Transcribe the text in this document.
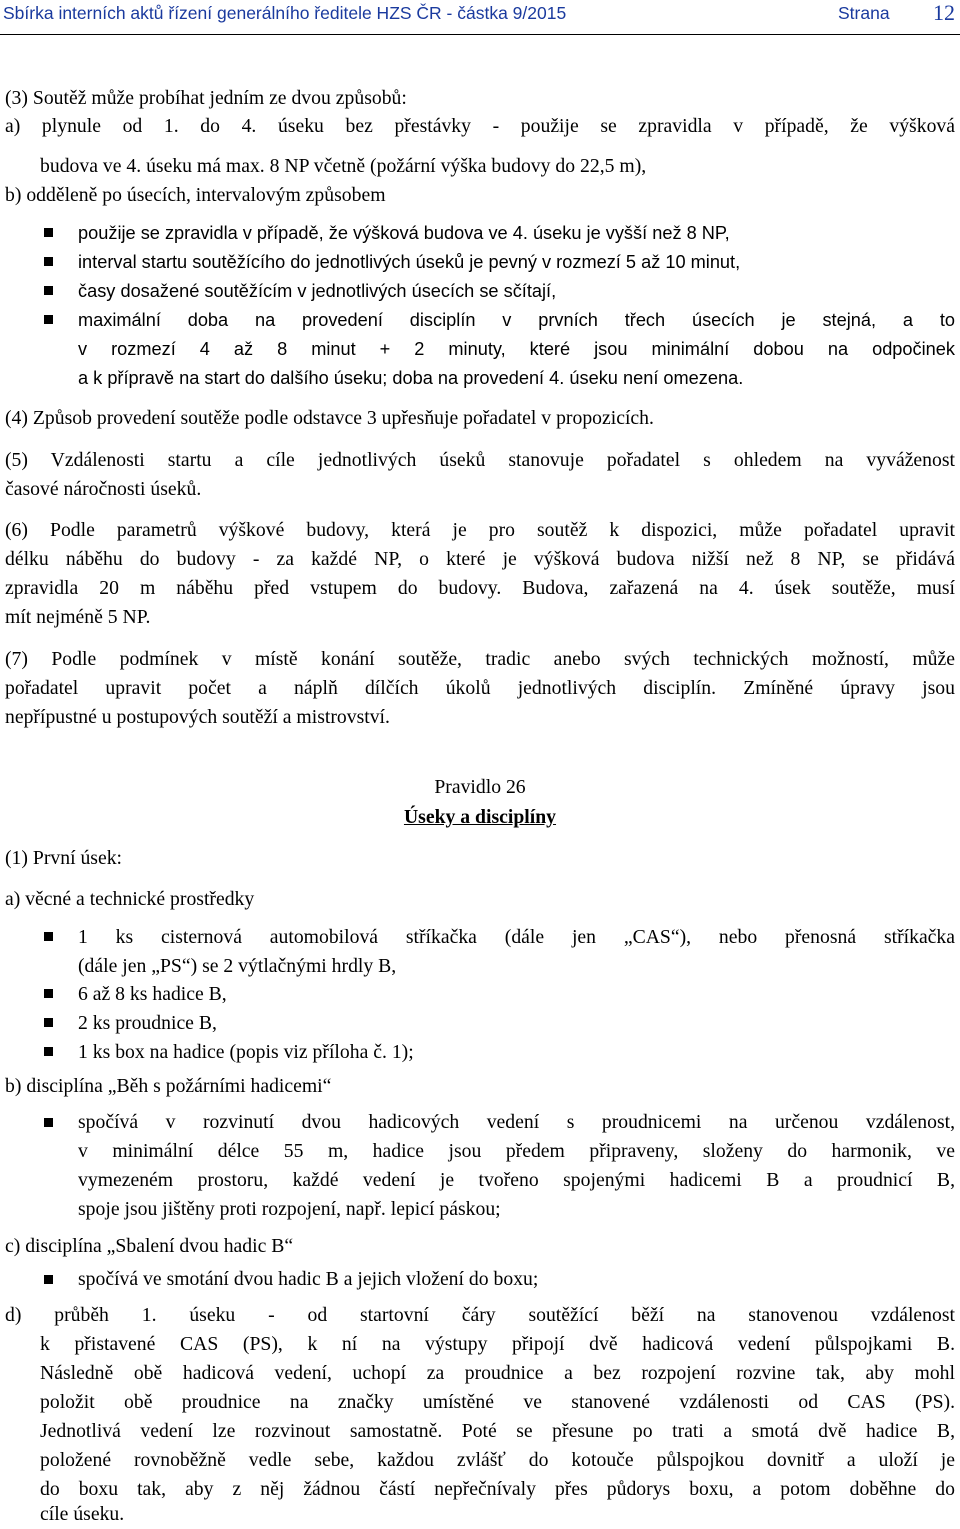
Sbírka interních aktů řízení generálního ředitele HZS ČR - částka 9/2015	Strana 12
(3) Soutěž může probíhat jedním ze dvou způsobů:
a) plynule od 1. do 4. úseku bez přestávky - použije se zpravidla v případě, že výšková
budova ve 4. úseku má max. 8 NP včetně (požární výška budovy do 22,5 m),
b) odděleně po úsecích, intervalovým způsobem
použije se zpravidla v případě, že výšková budova ve 4. úseku je vyšší než 8 NP,
interval startu soutěžícího do jednotlivých úseků je pevný v rozmezí 5 až 10 minut,
časy dosažené soutěžícím v jednotlivých úsecích se sčítají,
maximální doba na provedení disciplín v prvních třech úsecích je stejná, a to
v rozmezí 4 až 8 minut + 2 minuty, které jsou minimální dobou na odpočinek
a k přípravě na start do dalšího úseku; doba na provedení 4. úseku není omezena.
(4) Způsob provedení soutěže podle odstavce 3 upřesňuje pořadatel v propozicích.
(5) Vzdálenosti startu a cíle jednotlivých úseků stanovuje pořadatel s ohledem na vyváženost
časové náročnosti úseků.
(6) Podle parametrů výškové budovy, která je pro soutěž k dispozici, může pořadatel upravit
délku náběhu do budovy - za každé NP, o které je výšková budova nižší než 8 NP, se přidává
zpravidla 20 m náběhu před vstupem do budovy. Budova, zařazená na 4. úsek soutěže, musí
mít nejméně 5 NP.
(7) Podle podmínek v místě konání soutěže, tradic anebo svých technických možností, může
pořadatel upravit počet a náplň dílčích úkolů jednotlivých disciplín. Zmíněné úpravy jsou
nepřípustné u postupových soutěží a mistrovství.
Pravidlo 26
Úseky a disciplíny
(1) První úsek:
a) věcné a technické prostředky
1 ks cisternová automobilová stříkačka (dále jen „CAS“), nebo přenosná stříkačka
(dále jen „PS“) se 2 výtlačnými hrdly B,
6 až 8 ks hadice B,
2 ks proudnice B,
1 ks box na hadice (popis viz příloha č. 1);
b) disciplína „Běh s požárními hadicemi“
spočívá v rozvinutí dvou hadicových vedení s proudnicemi na určenou vzdálenost,
v minimální délce 55 m, hadice jsou předem připraveny, složeny do harmonik, ve
vymezeném prostoru, každé vedení je tvořeno spojenými hadicemi B a proudnicí B,
spoje jsou jištěny proti rozpojení, např. lepicí páskou;
c) disciplína „Sbalení dvou hadic B“
spočívá ve smotání dvou hadic B a jejich vložení do boxu;
d) průběh 1. úseku - od startovní čáry soutěžící běží na stanovenou vzdálenost
k přistavené CAS (PS), k ní na výstupy připojí dvě hadicová vedení půlspojkami B.
Následně obě hadicová vedení, uchopí za proudnice a bez rozpojení rozvine tak, aby mohl
položit obě proudnice na značky umístěné ve stanovené vzdálenosti od CAS (PS).
Jednotlivá vedení lze rozvinout samostatně. Poté se přesune po trati a smotá dvě hadice B,
položené rovnoběžně vedle sebe, každou zvlášť do kotouče půlspojkou dovnitř a uloží je
do boxu tak, aby z něj žádnou částí nepřečnívaly přes půdorys boxu, a potom doběhne do
cíle úseku.
